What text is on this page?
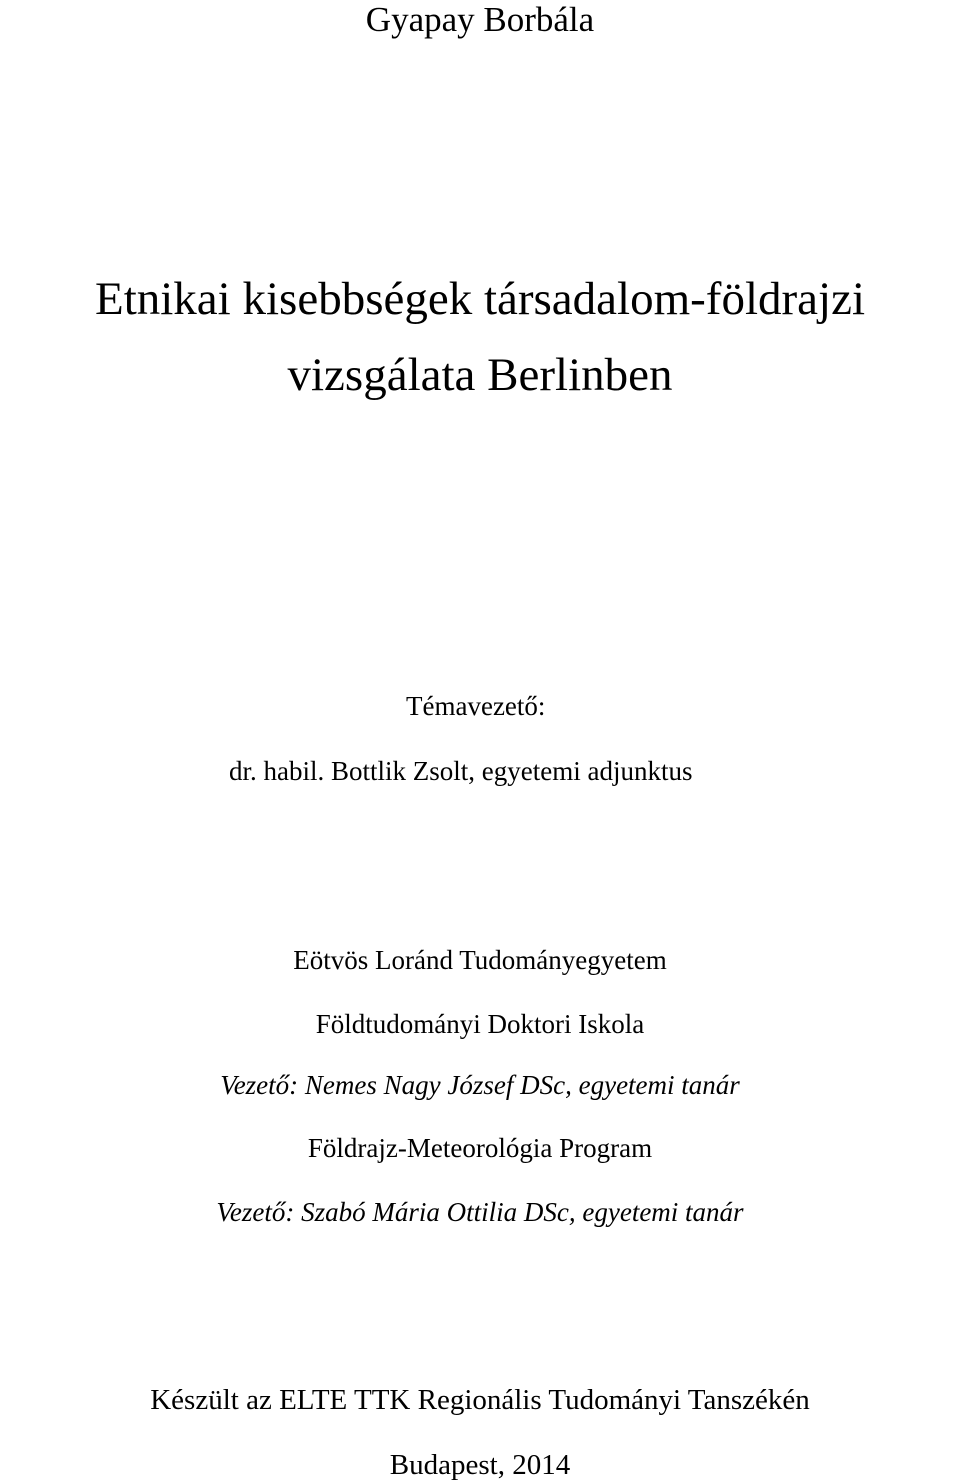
Gyapay Borbála
Etnikai kisebbségek társadalom-földrajzi
vizsgálata Berlinben
Témavezető:
dr. habil. Bottlik Zsolt, egyetemi adjunktus
Eötvös Loránd Tudományegyetem
Földtudományi Doktori Iskola
Vezető: Nemes Nagy József DSc, egyetemi tanár
Földrajz-Meteorológia Program
Vezető: Szabó Mária Ottilia DSc, egyetemi tanár
Készült az ELTE TTK Regionális Tudományi Tanszékén
Budapest, 2014
